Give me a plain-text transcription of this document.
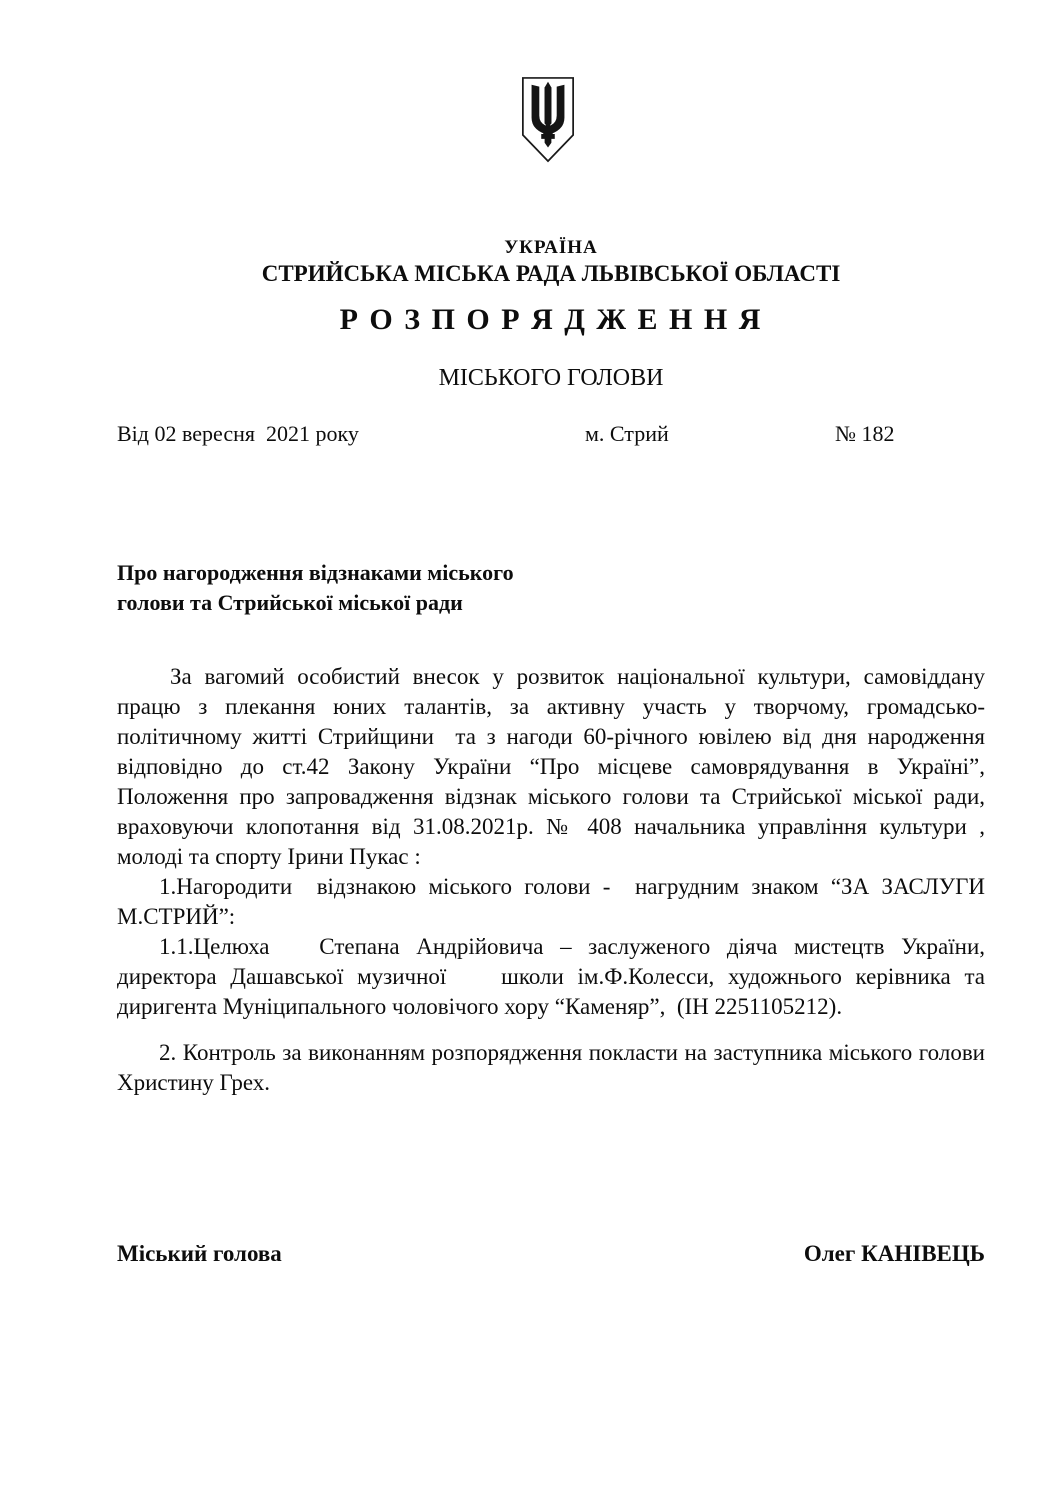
УКРАЇНА
СТРИЙСЬКА МІСЬКА РАДА ЛЬВІВСЬКОЇ ОБЛАСТІ
Р О З П О Р Я Д Ж Е Н Н Я
МІСЬКОГО ГОЛОВИ
Від 02 вересня  2021 року	м. Стрий	№ 182
Про нагородження відзнаками міського
голови та Стрийської міської ради

За вагомий особистий внесок у розвиток національної культури, самовіддану працю з плекання юних талантів, за активну участь у творчому, громадсько-політичному житті Стрийщини  та з нагоди 60-річного ювілею від дня народження відповідно до ст.42 Закону України “Про місцеве самоврядування в Україні”, Положення про запровадження відзнак міського голови та Стрийської міської ради, враховуючи клопотання від 31.08.2021р. № 408 начальника управління культури , молоді та спорту Ірини Пукас :

1.Нагородити  відзнакою міського голови -  нагрудним знаком “ЗА ЗАСЛУГИ М.СТРИЙ”:

1.1.Целюха   Степана Андрійовича – заслуженого діяча мистецтв України, директора Дашавської музичної    школи ім.Ф.Колесси, художнього керівника та диригента Муніципального чоловічого хору “Каменяр”,  (ІН 2251105212).

2. Контроль за виконанням розпорядження покласти на заступника міського голови Христину Грех.

Міський голова	Олег КАНІВЕЦЬ
